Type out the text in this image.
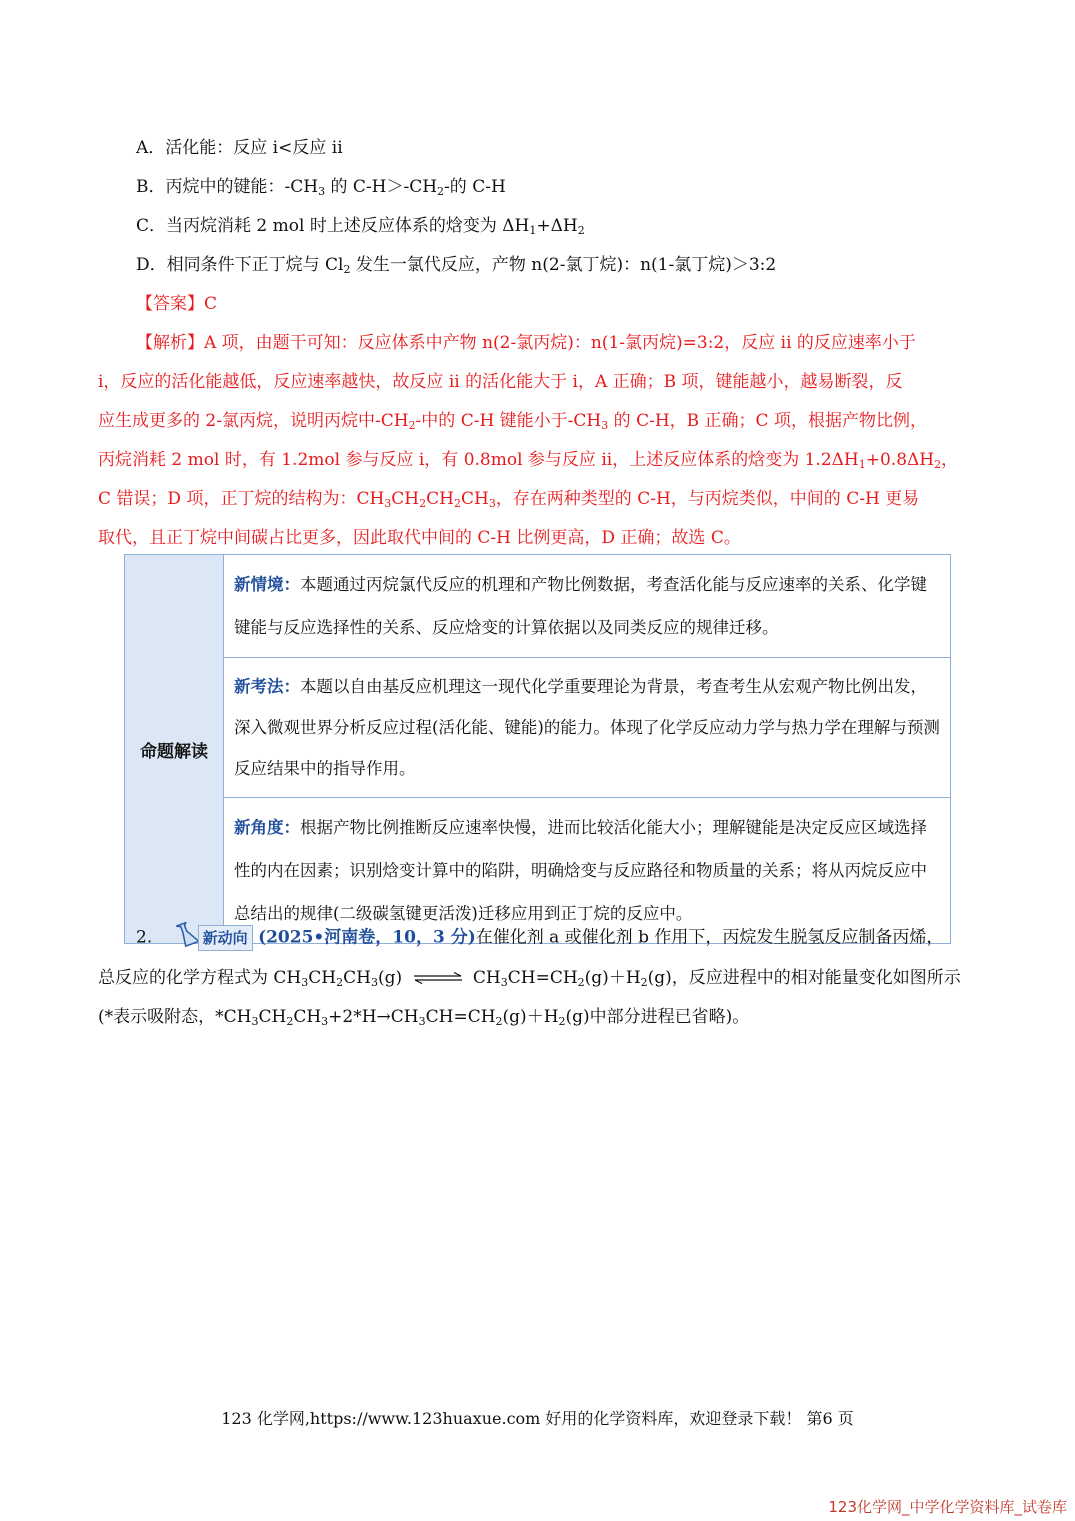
A．活化能：反应 i<反应 ii
B．丙烷中的键能：$-CH_3$ 的 $C-H>-CH_2-$的 C-H
C．当丙烷消耗 2 mol 时上述反应体系的焓变为 $\Delta H_1+\Delta H_2$
D．相同条件下正丁烷与 $Cl_2$ 发生一氯代反应，产物 n(2-氯丁烷)：n(1-氯丁烷)＞3:2
【答案】C
【解析】A 项，由题干可知：反应体系中产物 n(2-氯丙烷)：n(1-氯丙烷)=3:2，反应 ii 的反应速率小于
i，反应的活化能越低，反应速率越快，故反应 ii 的活化能大于 i，A 正确；B 项，键能越小，越易断裂，反
应生成更多的 2-氯丙烷，说明丙烷中$-CH_2-$中的 C-H 键能小于$-CH_3$ 的 C-H，B 正确；C 项，根据产物比例，
丙烷消耗 2 mol 时，有 1.2mol 参与反应 i，有 0.8mol 参与反应 ii，上述反应体系的焓变为 $1.2\Delta H_1+0.8\Delta H_2$，
C 错误；D 项，正丁烷的结构为：$CH_3CH_2CH_2CH_3$，存在两种类型的 C-H，与丙烷类似，中间的 C-H 更易
取代，且正丁烷中间碳占比更多，因此取代中间的 C-H 比例更高，D 正确；故选 C。
命题解读	新情境：本题通过丙烷氯代反应的机理和产物比例数据，考查活化能与反应速率的关系、化学键键能与反应选择性的关系、反应焓变的计算依据以及同类反应的规律迁移。
新考法：本题以自由基反应机理这一现代化学重要理论为背景，考查考生从宏观产物比例出发，深入微观世界分析反应过程(活化能、键能)的能力。体现了化学反应动力学与热力学在理解与预测反应结果中的指导作用。
新角度：根据产物比例推断反应速率快慢，进而比较活化能大小；理解键能是决定反应区域选择性的内在因素；识别焓变计算中的陷阱，明确焓变与反应路径和物质量的关系；将从丙烷反应中总结出的规律(二级碳氢键更活泼)迁移应用到正丁烷的反应中。
2.	新动向 (2025•河南卷，10，3 分)在催化剂 a 或催化剂 b 作用下，丙烷发生脱氢反应制备丙烯，
总反应的化学方程式为 $CH_3CH_2CH_3(g)$ ⇌ $CH_3CH=CH_2(g)+H_2(g)$，反应进程中的相对能量变化如图所示
(*表示吸附态，$*CH_3CH_2CH_3+2*H\to CH_3CH=CH_2(g)+H_2(g)$中部分进程已省略)。
123 化学网,https://www.123huaxue.com 好用的化学资料库，欢迎登录下载！ 第6 页
123化学网_中学化学资料库_试卷库
